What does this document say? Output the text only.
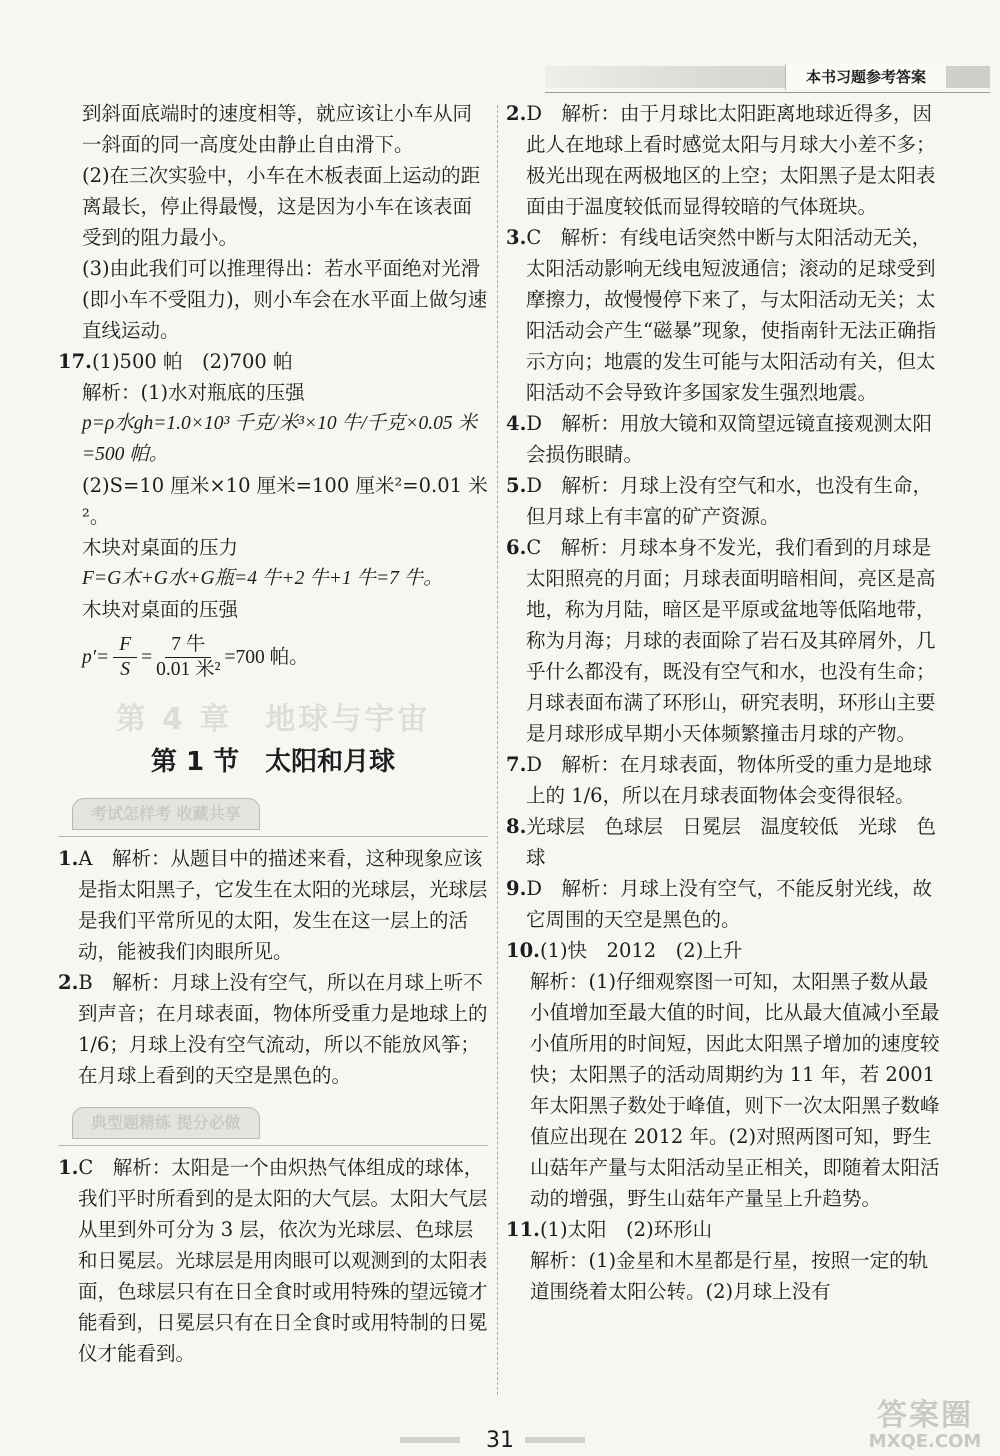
本书习题参考答案

到斜面底端时的速度相等，就应该让小车从同一斜面的同一高度处由静止自由滑下。

(2)在三次实验中，小车在木板表面上运动的距离最长，停止得最慢，这是因为小车在该表面受到的阻力最小。

(3)由此我们可以推理得出：若水平面绝对光滑(即小车不受阻力)，则小车会在水平面上做匀速直线运动。

17.(1)500 帕　(2)700 帕

解析：(1)水对瓶底的压强

p=ρ水gh=1.0×10³ 千克/米³×10 牛/千克×0.05 米=500 帕。

(2)S=10 厘米×10 厘米=100 厘米²=0.01 米²。

木块对桌面的压力

F=G木+G水+G瓶=4 牛+2 牛+1 牛=7 牛。

木块对桌面的压强

$p'= \frac{F}{S} = \frac{\text{7 牛}}{\text{0.01 米²}} =700$ 帕。
第 4 章　地球与宇宙
第 1 节　太阳和月球
考试怎样考 收藏共享

1.A　解析：从题目中的描述来看，这种现象应该是指太阳黑子，它发生在太阳的光球层，光球层是我们平常所见的太阳，发生在这一层上的活动，能被我们肉眼所见。

2.B　解析：月球上没有空气，所以在月球上听不到声音；在月球表面，物体所受重力是地球上的 1/6；月球上没有空气流动，所以不能放风筝；在月球上看到的天空是黑色的。

典型题精练 提分必做

1.C　解析：太阳是一个由炽热气体组成的球体，我们平时所看到的是太阳的大气层。太阳大气层从里到外可分为 3 层，依次为光球层、色球层和日冕层。光球层是用肉眼可以观测到的太阳表面，色球层只有在日全食时或用特殊的望远镜才能看到，日冕层只有在日全食时或用特制的日冕仪才能看到。

2.D　解析：由于月球比太阳距离地球近得多，因此人在地球上看时感觉太阳与月球大小差不多；极光出现在两极地区的上空；太阳黑子是太阳表面由于温度较低而显得较暗的气体斑块。

3.C　解析：有线电话突然中断与太阳活动无关，太阳活动影响无线电短波通信；滚动的足球受到摩擦力，故慢慢停下来了，与太阳活动无关；太阳活动会产生“磁暴”现象，使指南针无法正确指示方向；地震的发生可能与太阳活动有关，但太阳活动不会导致许多国家发生强烈地震。

4.D　解析：用放大镜和双筒望远镜直接观测太阳会损伤眼睛。

5.D　解析：月球上没有空气和水，也没有生命，但月球上有丰富的矿产资源。

6.C　解析：月球本身不发光，我们看到的月球是太阳照亮的月面；月球表面明暗相间，亮区是高地，称为月陆，暗区是平原或盆地等低陷地带，称为月海；月球的表面除了岩石及其碎屑外，几乎什么都没有，既没有空气和水，也没有生命；月球表面布满了环形山，研究表明，环形山主要是月球形成早期小天体频繁撞击月球的产物。

7.D　解析：在月球表面，物体所受的重力是地球上的 1/6，所以在月球表面物体会变得很轻。

8.光球层　色球层　日冕层　温度较低　光球　色球

9.D　解析：月球上没有空气，不能反射光线，故它周围的天空是黑色的。

10.(1)快　2012　(2)上升

解析：(1)仔细观察图一可知，太阳黑子数从最小值增加至最大值的时间，比从最大值减小至最小值所用的时间短，因此太阳黑子增加的速度较快；太阳黑子的活动周期约为 11 年，若 2001 年太阳黑子数处于峰值，则下一次太阳黑子数峰值应出现在 2012 年。(2)对照两图可知，野生山菇年产量与太阳活动呈正相关，即随着太阳活动的增强，野生山菇年产量呈上升趋势。

11.(1)太阳　(2)环形山

解析：(1)金星和木星都是行星，按照一定的轨道围绕着太阳公转。(2)月球上没有

31
答案圈
MXQE.COM
